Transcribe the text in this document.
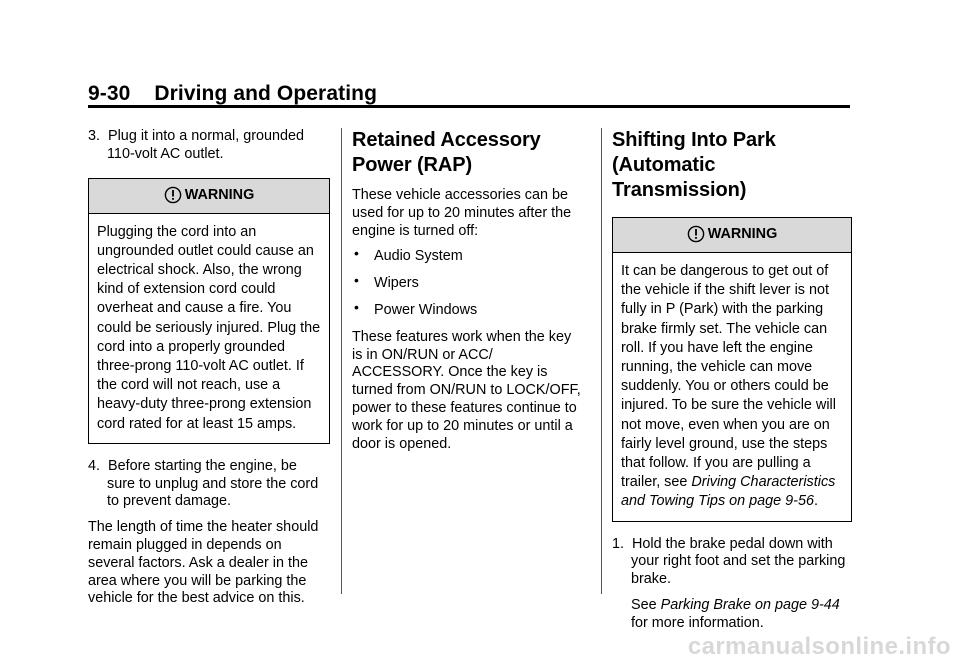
9-30 Driving and Operating
3. Plug it into a normal, grounded
110-volt AC outlet.
WARNING
Plugging the cord into an ungrounded outlet could cause an electrical shock. Also, the wrong kind of extension cord could overheat and cause a fire. You could be seriously injured. Plug the cord into a properly grounded three-prong 110-volt AC outlet. If the cord will not reach, use a heavy-duty three-prong extension cord rated for at least 15 amps.
4. Before starting the engine, be
sure to unplug and store the cord to prevent damage.

The length of time the heater should remain plugged in depends on several factors. Ask a dealer in the area where you will be parking the vehicle for the best advice on this.

Retained Accessory Power (RAP)

These vehicle accessories can be used for up to 20 minutes after the engine is turned off:

• Audio System
• Wipers
• Power Windows

These features work when the key is in ON/RUN or ACC/ ACCESSORY. Once the key is turned from ON/RUN to LOCK/OFF, power to these features continue to work for up to 20 minutes or until a door is opened.

Shifting Into Park (Automatic Transmission)
WARNING
It can be dangerous to get out of the vehicle if the shift lever is not fully in P (Park) with the parking brake firmly set. The vehicle can roll. If you have left the engine running, the vehicle can move suddenly. You or others could be injured. To be sure the vehicle will not move, even when you are on fairly level ground, use the steps that follow. If you are pulling a trailer, see Driving Characteristics and Towing Tips on page 9-56.
1. Hold the brake pedal down with
your right foot and set the parking brake.
See Parking Brake on page 9-44 for more information.
carmanualsonline.info
